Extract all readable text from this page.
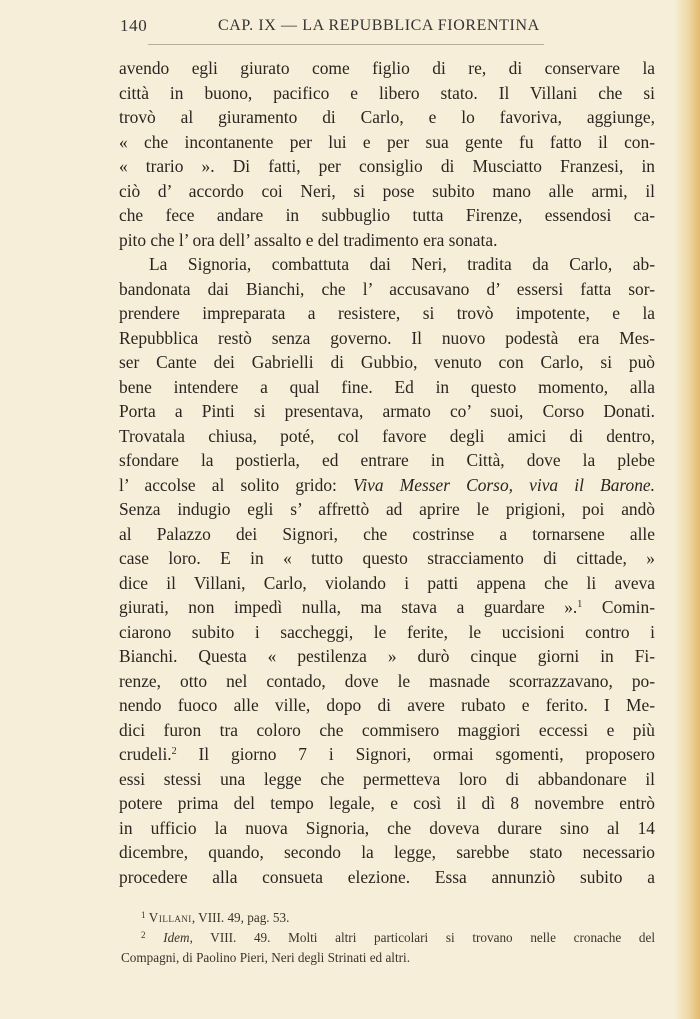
140	CAP. IX — LA REPUBBLICA FIORENTINA
avendo egli giurato come figlio di re, di conservare la
città in buono, pacifico e libero stato. Il Villani che si
trovò al giuramento di Carlo, e lo favoriva, aggiunge,
« che incontanente per lui e per sua gente fu fatto il con-
« trario ». Di fatti, per consiglio di Musciatto Franzesi, in
ciò d’ accordo coi Neri, si pose subito mano alle armi, il
che fece andare in subbuglio tutta Firenze, essendosi ca-
pito che l’ ora dell’ assalto e del tradimento era sonata.
La Signoria, combattuta dai Neri, tradita da Carlo, ab-
bandonata dai Bianchi, che l’ accusavano d’ essersi fatta sor-
prendere impreparata a resistere, si trovò impotente, e la
Repubblica restò senza governo. Il nuovo podestà era Mes-
ser Cante dei Gabrielli di Gubbio, venuto con Carlo, si può
bene intendere a qual fine. Ed in questo momento, alla
Porta a Pinti si presentava, armato co’ suoi, Corso Donati.
Trovatala chiusa, poté, col favore degli amici di dentro,
sfondare la postierla, ed entrare in Città, dove la plebe
l’ accolse al solito grido: Viva Messer Corso, viva il Barone.
Senza indugio egli s’ affrettò ad aprire le prigioni, poi andò
al Palazzo dei Signori, che costrinse a tornarsene alle
case loro. E in « tutto questo stracciamento di cittade, »
dice il Villani, Carlo, violando i patti appena che li aveva
giurati, non impedì nulla, ma stava a guardare ».$^1$ Comin-
ciarono subito i saccheggi, le ferite, le uccisioni contro i
Bianchi. Questa « pestilenza » durò cinque giorni in Fi-
renze, otto nel contado, dove le masnade scorrazzavano, po-
nendo fuoco alle ville, dopo di avere rubato e ferito. I Me-
dici furon tra coloro che commisero maggiori eccessi e più
crudeli.$^2$ Il giorno 7 i Signori, ormai sgomenti, proposero
essi stessi una legge che permetteva loro di abbandonare il
potere prima del tempo legale, e così il dì 8 novembre entrò
in ufficio la nuova Signoria, che doveva durare sino al 14
dicembre, quando, secondo la legge, sarebbe stato necessario
procedere alla consueta elezione. Essa annunziò subito a
$^1$ Villani, VIII. 49, pag. 53.
$^2$ Idem, VIII. 49. Molti altri particolari si trovano nelle cronache del
Compagni, di Paolino Pieri, Neri degli Strinati ed altri.
